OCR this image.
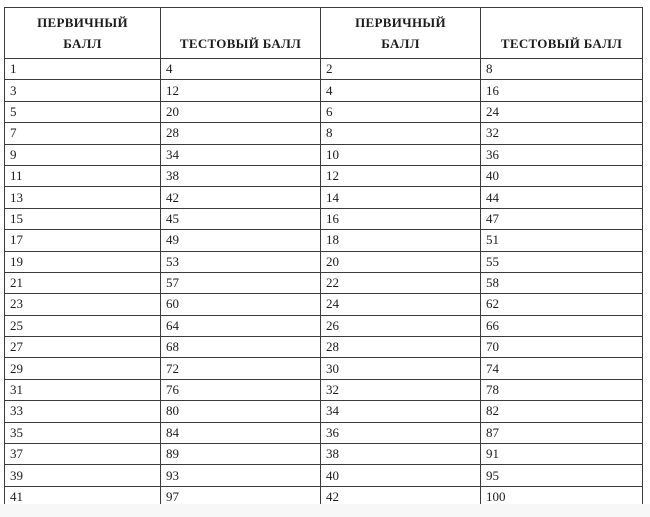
ПЕРВИЧНЫЙ БАЛЛ	ТЕСТОВЫЙ БАЛЛ	ПЕРВИЧНЫЙ БАЛЛ	ТЕСТОВЫЙ БАЛЛ
1	4	2	8
3	12	4	16
5	20	6	24
7	28	8	32
9	34	10	36
11	38	12	40
13	42	14	44
15	45	16	47
17	49	18	51
19	53	20	55
21	57	22	58
23	60	24	62
25	64	26	66
27	68	28	70
29	72	30	74
31	76	32	78
33	80	34	82
35	84	36	87
37	89	38	91
39	93	40	95
41	97	42	100
